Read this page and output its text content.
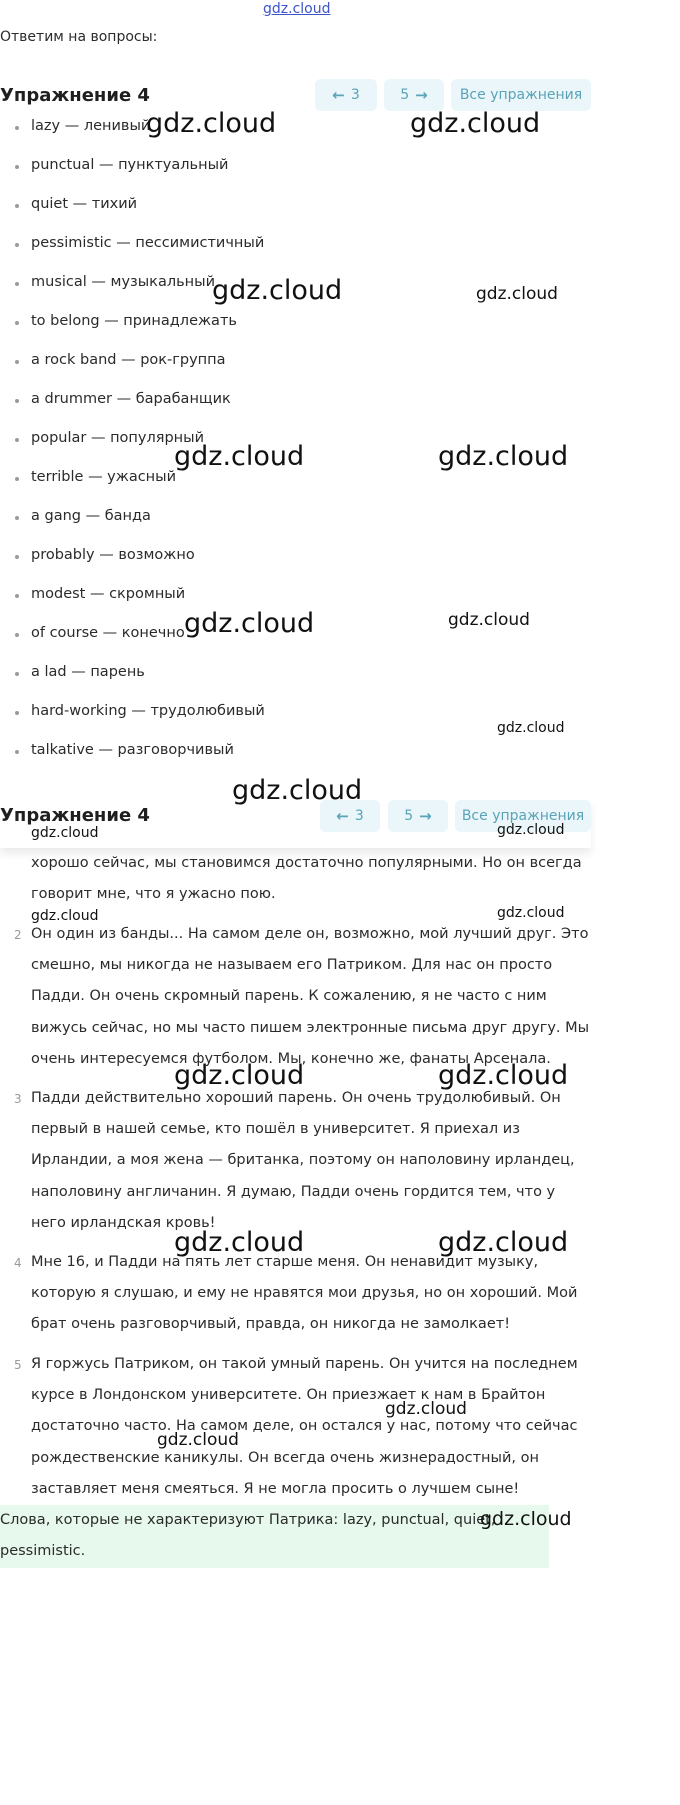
gdz.cloud
Ответим на вопросы:
Упражнение 4	← 3	5 → Все упражнения
lazy — ленивый
punctual — пунктуальный
quiet — тихий
pessimistic — пессимистичный
musical — музыкальный
to belong — принадлежать
a rock band — рок-группа
a drummer — барабанщик
popular — популярный
terrible — ужасный
a gang — банда
probably — возможно
modest — скромный
of course — конечно
a lad — парень
hard-working — трудолюбивый
talkative — разговорчивый
хорошо сейчас, мы становимся достаточно популярными. Но он всегда говорит мне, что я ужасно пою.
2 Он один из банды... На самом деле он, возможно, мой лучший друг. Это смешно, мы никогда не называем его Патриком. Для нас он просто Падди. Он очень скромный парень. К сожалению, я не часто с ним вижусь сейчас, но мы часто пишем электронные письма друг другу. Мы очень интересуемся футболом. Мы, конечно же, фанаты Арсенала.
3 Падди действительно хороший парень. Он очень трудолюбивый. Он первый в нашей семье, кто пошёл в университет. Я приехал из Ирландии, а моя жена — британка, поэтому он наполовину ирландец, наполовину англичанин. Я думаю, Падди очень гордится тем, что у него ирландская кровь!
4 Мне 16, и Падди на пять лет старше меня. Он ненавидит музыку, которую я слушаю, и ему не нравятся мои друзья, но он хороший. Мой брат очень разговорчивый, правда, он никогда не замолкает!
5 Я горжусь Патриком, он такой умный парень. Он учится на последнем курсе в Лондонском университете. Он приезжает к нам в Брайтон достаточно часто. На самом деле, он остался у нас, потому что сейчас рождественские каникулы. Он всегда очень жизнерадостный, он заставляет меня смеяться. Я не могла просить о лучшем сыне!
Слова, которые не характеризуют Патрика: lazy, punctual, quiet, pessimistic.
Упражнение 4	← 3	5 → Все упражнения
gdz.cloud	gdz.cloud
gdz.cloud	gdz.cloud
gdz.cloud	gdz.cloud
gdz.cloud	gdz.cloud
gdz.cloud
gdz.cloud
gdz.cloud	gdz.cloud
gdz.cloud	gdz.cloud
gdz.cloud	gdz.cloud
gdz.cloud	gdz.cloud
gdz.cloud
gdz.cloud
gdz.cloud
